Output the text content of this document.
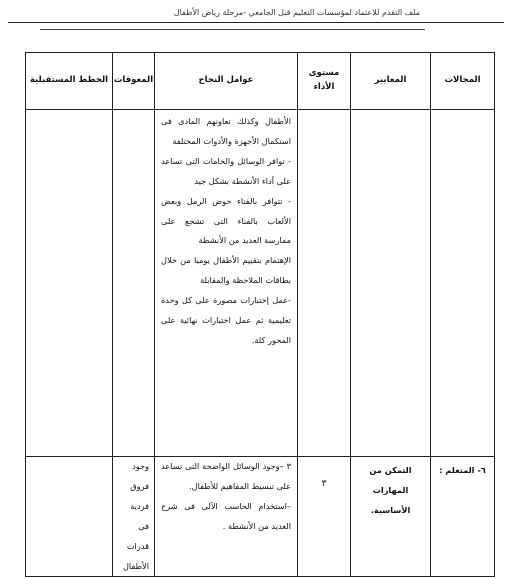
ملف التقدم للاعتماد لمؤسسات التعليم قبل الجامعي -مرحلة رياض الأطفال
المجالات	المعايير	مستوى الأداء	عوامل النجاح	المعوقات	الخطط المستقبلية

			الأطفال وكذلك تعاونهم المادى فى استكمال الأجهزة والأدوات المختلفة
- توافر الوسائل والخامات التى تساعد على أداء الأنشطة بشكل جيد
- تتوافر بالفناء حوض الرمل وبعض الألعاب بالفناء التى تشجع على ممارسة العديد من الأنشطة
الإهتمام بتقييم الأطفال يوميا من خلال بطاقات الملاحظة والمقابلة
-عمل إختبارات مصورة على كل وحدة تعليمية ثم عمل اختبارات نهائية على المحور كلة.		

٦- المتعلم :	التمكن من المهارات الأساسية.	٣	٣ –وجود الوسائل الواضحة التى تساعد على تبسيط المفاهيم للأطفال.
–استخدام الحاسب الآلى فى شرح العديد من الأنشطة .	وجود فروق فردية فى قدرات الأطفال	
